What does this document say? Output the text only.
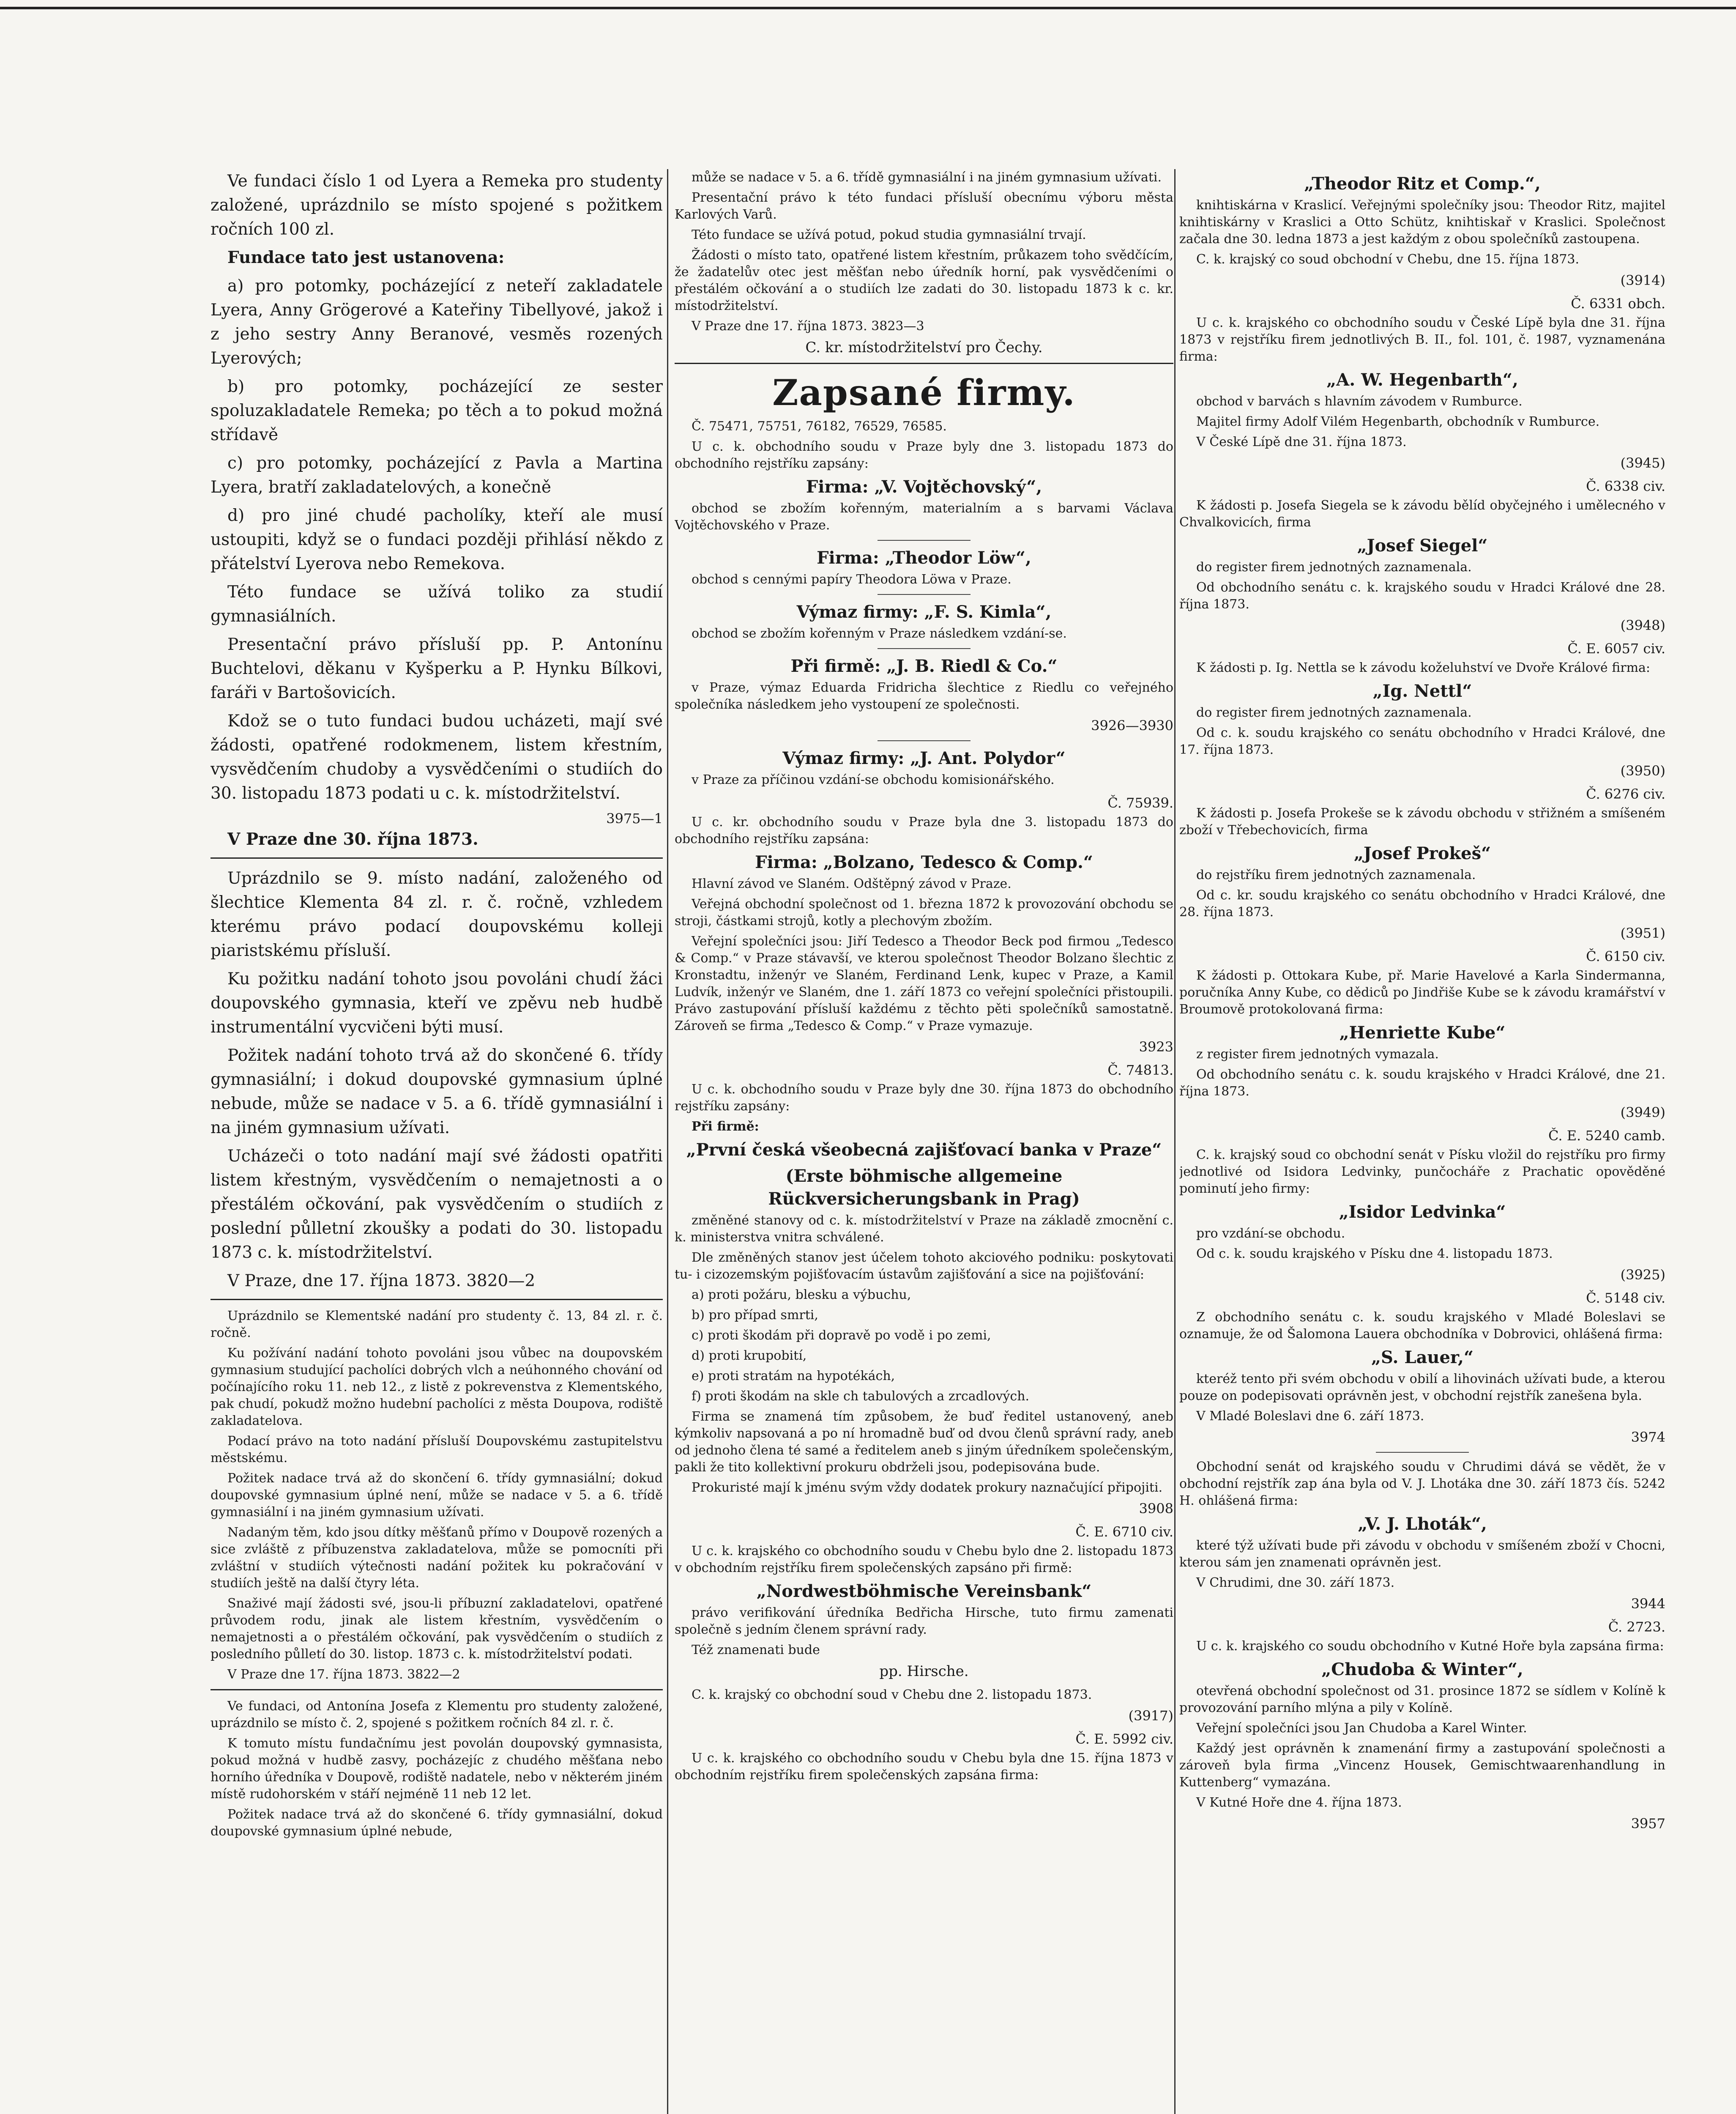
Ve fundaci číslo 1 od Lyera a Remeka pro studenty založené, uprázdnilo se místo spojené s požitkem ročních 100 zl.

Fundace tato jest ustanovena:

a) pro potomky, pocházející z neteří zakladatele Lyera, Anny Grögerové a Kateřiny Tibellyové, jakož i z jeho sestry Anny Beranové, vesměs rozených Lyerových;

b) pro potomky, pocházející ze sester spoluzakladatele Remeka; po těch a to pokud možná střídavě

c) pro potomky, pocházející z Pavla a Martina Lyera, bratří zakladatelových, a konečně

d) pro jiné chudé pacholíky, kteří ale musí ustoupiti, když se o fundaci později přihlásí někdo z přátelství Lyerova nebo Remekova.

Této fundace se užívá toliko za studií gymnasiálních.

Presentační právo přísluší pp. P. Antonínu Buchtelovi, děkanu v Kyšperku a P. Hynku Bílkovi, faráři v Bartošovicích.

Kdož se o tuto fundaci budou ucházeti, mají své žádosti, opatřené rodokmenem, listem křestním, vysvědčením chudoby a vysvědčeními o studiích do 30. listopadu 1873 podati u c. k. místodržitelství.

3975—1

V Praze dne 30. října 1873.

Uprázdnilo se 9. místo nadání, založeného od šlechtice Klementa 84 zl. r. č. ročně, vzhledem kterému právo podací doupovskému kolleji piaristskému přísluší.

Ku požitku nadání tohoto jsou povoláni chudí žáci doupovského gymnasia, kteří ve zpěvu neb hudbě instrumentální vycvičeni býti musí.

Požitek nadání tohoto trvá až do skončené 6. třídy gymnasiální; i dokud doupovské gymnasium úplné nebude, může se nadace v 5. a 6. třídě gymnasiální i na jiném gymnasium užívati.

Ucházeči o toto nadání mají své žádosti opatřiti listem křestným, vysvědčením o nemajetnosti a o přestálém očkování, pak vysvědčením o studiích z poslední půlletní zkoušky a podati do 30. listopadu 1873 c. k. místodržitelství.

V Praze, dne 17. října 1873. 3820—2

Uprázdnilo se Klementské nadání pro studenty č. 13, 84 zl. r. č. ročně.

Ku požívání nadání tohoto povoláni jsou vůbec na doupovském gymnasium studující pacholíci dobrých vlch a neúhonného chování od počínajícího roku 11. neb 12., z listě z pokrevenstva z Klementského, pak chudí, pokudž možno hudební pacholíci z města Doupova, rodiště zakladatelova.

Podací právo na toto nadání přísluší Doupovskému zastupitelstvu městskému.

Požitek nadace trvá až do skončení 6. třídy gymnasiální; dokud doupovské gymnasium úplné není, může se nadace v 5. a 6. třídě gymnasiální i na jiném gymnasium užívati.

Nadaným těm, kdo jsou dítky měšťanů přímo v Doupově rozených a sice zvláště z příbuzenstva zakladatelova, může se pomocníti při zvláštní v studiích výtečnosti nadání požitek ku pokračování v studiích ještě na další čtyry léta.

Snaživé mají žádosti své, jsou-li příbuzní zakladatelovi, opatřené průvodem rodu, jinak ale listem křestním, vysvědčením o nemajetnosti a o přestálém očkování, pak vysvědčením o studiích z posledního půlletí do 30. listop. 1873 c. k. místodržitelství podati.

V Praze dne 17. října 1873. 3822—2

Ve fundaci, od Antonína Josefa z Klementu pro studenty založené, uprázdnilo se místo č. 2, spojené s požitkem ročních 84 zl. r. č.

K tomuto místu fundačnímu jest povolán doupovský gymnasista, pokud možná v hudbě zasvy, pocházejíc z chudého měšťana nebo horního úředníka v Doupově, rodiště nadatele, nebo v některém jiném místě rudohorském v stáří nejméně 11 neb 12 let.

Požitek nadace trvá až do skončené 6. třídy gymnasiální, dokud doupovské gymnasium úplné nebude,

může se nadace v 5. a 6. třídě gymnasiální i na jiném gymnasium užívati.

Presentační právo k této fundaci přísluší obecnímu výboru města Karlových Varů.

Této fundace se užívá potud, pokud studia gymnasiální trvají.

Žádosti o místo tato, opatřené listem křestním, průkazem toho svědčícím, že žadatelův otec jest měšťan nebo úředník horní, pak vysvědčeními o přestálém očkování a o studiích lze zadati do 30. listopadu 1873 k c. kr. místodržitelství.

V Praze dne 17. října 1873. 3823—3

C. kr. místodržitelství pro Čechy.
Zapsané firmy.

Č. 75471, 75751, 76182, 76529, 76585.

U c. k. obchodního soudu v Praze byly dne 3. listopadu 1873 do obchodního rejstříku zapsány:

Firma: „V. Vojtěchovský“,

obchod se zbožím kořenným, materialním a s barvami Václava Vojtěchovského v Praze.

Firma: „Theodor Löw“,

obchod s cennými papíry Theodora Löwa v Praze.

Výmaz firmy: „F. S. Kimla“,

obchod se zbožím kořenným v Praze následkem vzdání-se.

Při firmě: „J. B. Riedl & Co.“

v Praze, výmaz Eduarda Fridricha šlechtice z Riedlu co veřejného společníka následkem jeho vystoupení ze společnosti.

3926—3930
Výmaz firmy: „J. Ant. Polydor“

v Praze za příčinou vzdání-se obchodu komisionářského.

Č. 75939.

U c. kr. obchodního soudu v Praze byla dne 3. listopadu 1873 do obchodního rejstříku zapsána:

Firma: „Bolzano, Tedesco & Comp.“

Hlavní závod ve Slaném. Odštěpný závod v Praze.

Veřejná obchodní společnost od 1. března 1872 k provozování obchodu se stroji, částkami strojů, kotly a plechovým zbožím.

Veřejní společníci jsou: Jiří Tedesco a Theodor Beck pod firmou „Tedesco & Comp.“ v Praze stávavší, ve kterou společnost Theodor Bolzano šlechtic z Kronstadtu, inženýr ve Slaném, Ferdinand Lenk, kupec v Praze, a Kamil Ludvík, inženýr ve Slaném, dne 1. září 1873 co veřejní společníci přistoupili. Právo zastupování přísluší každému z těchto pěti společníků samostatně. Zároveň se firma „Tedesco & Comp.“ v Praze vymazuje.

3923
Č. 74813.

U c. k. obchodního soudu v Praze byly dne 30. října 1873 do obchodního rejstříku zapsány:

Při firmě:

„První česká všeobecná zajišťovací banka v Praze“
(Erste böhmische allgemeine Rückversicherungsbank in Prag)

změněné stanovy od c. k. místodržitelství v Praze na základě zmocnění c. k. ministerstva vnitra schválené.

Dle změněných stanov jest účelem tohoto akciového podniku: poskytovati tu- i cizozemským pojišťovacím ústavům zajišťování a sice na pojišťování:

a) proti požáru, blesku a výbuchu,

b) pro případ smrti,

c) proti škodám při dopravě po vodě i po zemi,

d) proti krupobití,

e) proti stratám na hypotékách,

f) proti škodám na skle ch tabulových a zrcadlových.

Firma se znamená tím způsobem, že buď ředitel ustanovený, aneb kýmkoliv napsovaná a po ní hromadně buď od dvou členů správní rady, aneb od jednoho člena té samé a ředitelem aneb s jiným úředníkem společenským, pakli že tito kollektivní prokuru obdrželi jsou, podepisována bude.

Prokuristé mají k jménu svým vždy dodatek prokury naznačující připojiti.

3908
Č. E. 6710 civ.

U c. k. krajského co obchodního soudu v Chebu bylo dne 2. listopadu 1873 v obchodním rejstříku firem společenských zapsáno při firmě:

„Nordwestböhmische Vereinsbank“

právo verifikování úředníka Bedřicha Hirsche, tuto firmu zamenati společně s jedním členem správní rady.

Též znamenati bude

pp. Hirsche.

C. k. krajský co obchodní soud v Chebu dne 2. listopadu 1873.

(3917)
Č. E. 5992 civ.

U c. k. krajského co obchodního soudu v Chebu byla dne 15. října 1873 v obchodním rejstříku firem společenských zapsána firma:

„Theodor Ritz et Comp.“,

knihtiskárna v Kraslicí. Veřejnými společníky jsou: Theodor Ritz, majitel knihtiskárny v Kraslici a Otto Schütz, knihtiskař v Kraslici. Společnost začala dne 30. ledna 1873 a jest každým z obou společníků zastoupena.

C. k. krajský co soud obchodní v Chebu, dne 15. října 1873.

(3914)
Č. 6331 obch.

U c. k. krajského co obchodního soudu v České Lípě byla dne 31. října 1873 v rejstříku firem jednotlivých B. II., fol. 101, č. 1987, vyznamenána firma:

„A. W. Hegenbarth“,

obchod v barvách s hlavním závodem v Rumburce.

Majitel firmy Adolf Vilém Hegenbarth, obchodník v Rumburce.

V České Lípě dne 31. října 1873.

(3945)
Č. 6338 civ.

K žádosti p. Josefa Siegela se k závodu bělíd obyčejného i umělecného v Chvalkovicích, firma

„Josef Siegel“

do register firem jednotných zaznamenala.

Od obchodního senátu c. k. krajského soudu v Hradci Králové dne 28. října 1873.

(3948)
Č. E. 6057 civ.

K žádosti p. Ig. Nettla se k závodu koželuhství ve Dvoře Králové firma:

„Ig. Nettl“

do register firem jednotných zaznamenala.

Od c. k. soudu krajského co senátu obchodního v Hradci Králové, dne 17. října 1873.

(3950)
Č. 6276 civ.

K žádosti p. Josefa Prokeše se k závodu obchodu v střižném a smíšeném zboží v Třebechovicích, firma

„Josef Prokeš“

do rejstříku firem jednotných zaznamenala.

Od c. kr. soudu krajského co senátu obchodního v Hradci Králové, dne 28. října 1873.

(3951)
Č. 6150 civ.

K žádosti p. Ottokara Kube, př. Marie Havelové a Karla Sindermanna, poručníka Anny Kube, co dědiců po Jindřiše Kube se k závodu kramářství v Broumově protokolovaná firma:

„Henriette Kube“

z register firem jednotných vymazala.

Od obchodního senátu c. k. soudu krajského v Hradci Králové, dne 21. října 1873.

(3949)
Č. E. 5240 camb.

C. k. krajský soud co obchodní senát v Písku vložil do rejstříku pro firmy jednotlivé od Isidora Ledvinky, punčocháře z Prachatic opověděné pominutí jeho firmy:

„Isidor Ledvinka“

pro vzdání-se obchodu.

Od c. k. soudu krajského v Písku dne 4. listopadu 1873.

(3925)
Č. 5148 civ.

Z obchodního senátu c. k. soudu krajského v Mladé Boleslavi se oznamuje, že od Šalomona Lauera obchodníka v Dobrovici, ohlášená firma:

„S. Lauer,“

kteréž tento při svém obchodu v obilí a lihovinách užívati bude, a kterou pouze on podepisovati oprávněn jest, v obchodní rejstřík zanešena byla.

V Mladé Boleslavi dne 6. září 1873.

3974

Obchodní senát od krajského soudu v Chrudimi dává se vědět, že v obchodní rejstřík zap ána byla od V. J. Lhotáka dne 30. září 1873 čís. 5242 H. ohlášená firma:

„V. J. Lhoták“,

které týž užívati bude při závodu v obchodu v smíšeném zboží v Chocni, kterou sám jen znamenati oprávněn jest.

V Chrudimi, dne 30. září 1873.

3944
Č. 2723.

U c. k. krajského co soudu obchodního v Kutné Hoře byla zapsána firma:

„Chudoba & Winter“,

otevřená obchodní společnost od 31. prosince 1872 se sídlem v Kolíně k provozování parního mlýna a pily v Kolíně.

Veřejní společníci jsou Jan Chudoba a Karel Winter.

Každý jest oprávněn k znamenání firmy a zastupování společnosti a zároveň byla firma „Vincenz Housek, Gemischtwaarenhandlung in Kuttenberg“ vymazána.

V Kutné Hoře dne 4. října 1873.

3957
